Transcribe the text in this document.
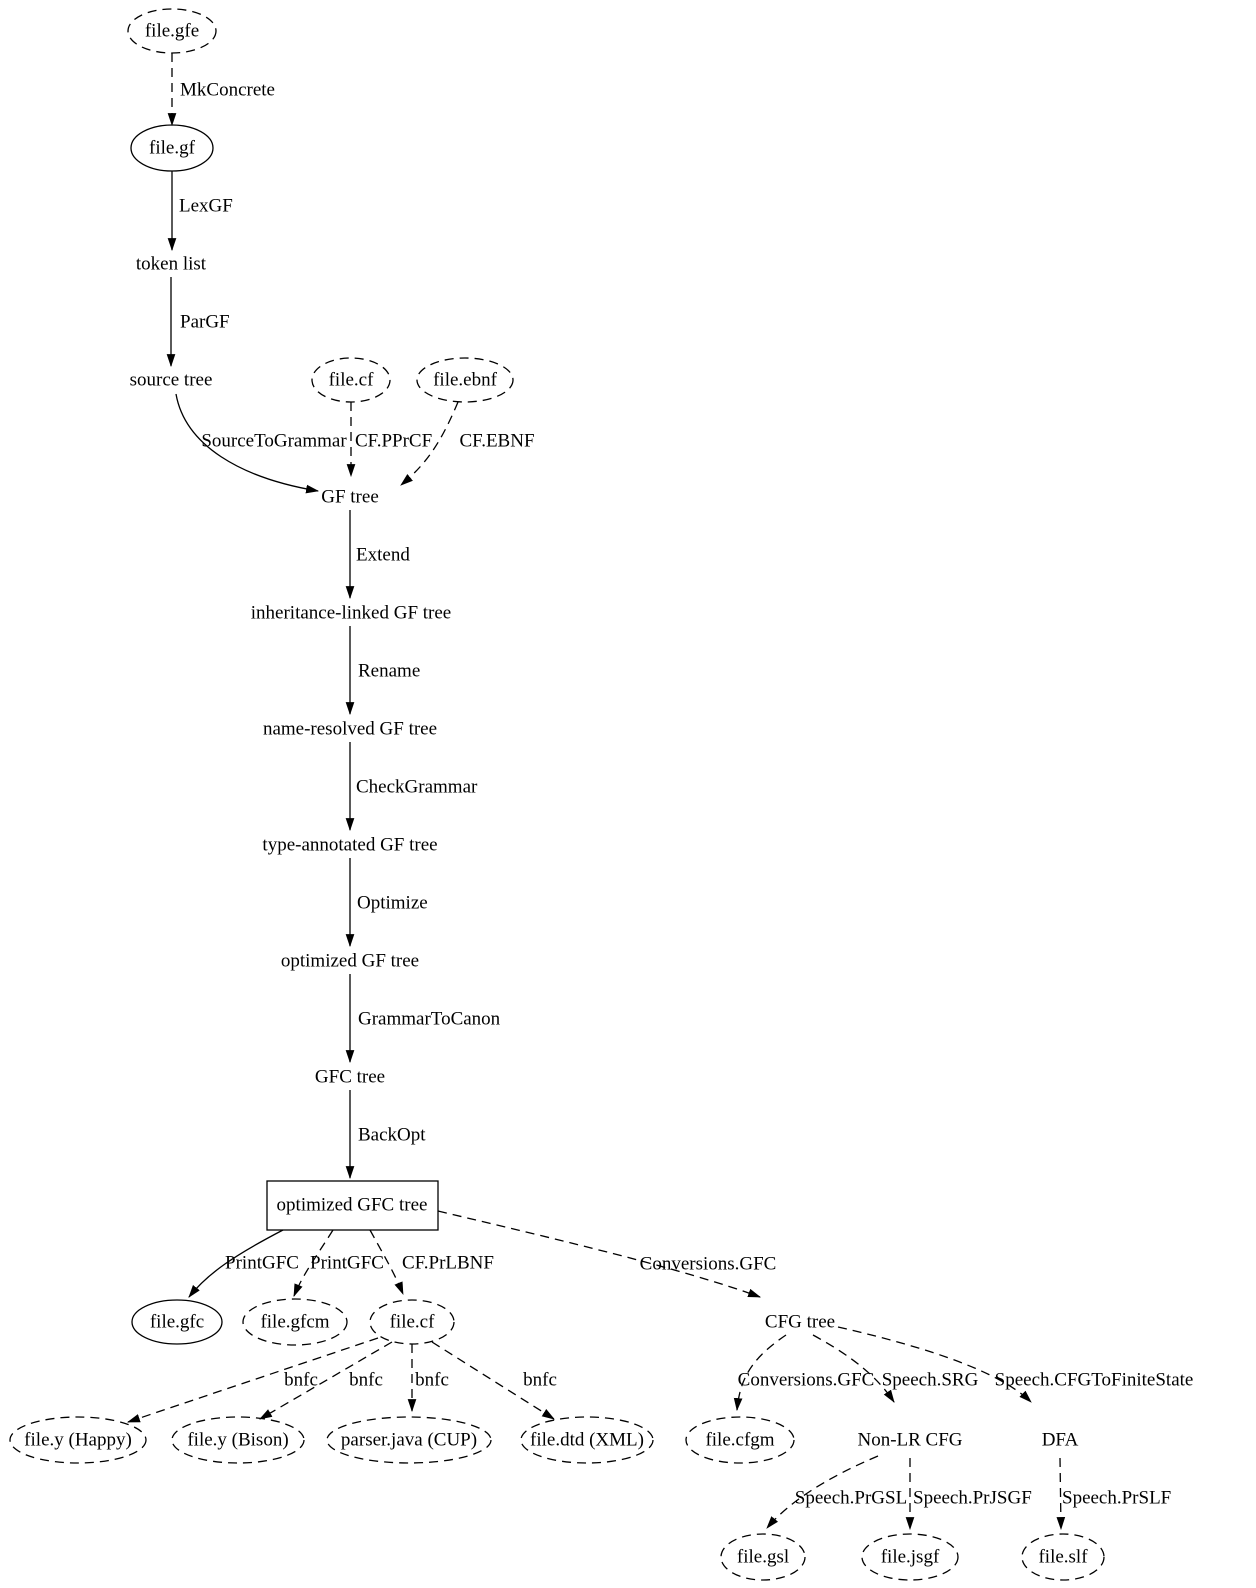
file.gfe
file.gf
token list
source tree	file.cf	file.ebnf
GF tree
inheritance-linked GF tree
name-resolved GF tree
type-annotated GF tree
optimized GF tree
GFC tree
optimized GFC tree
file.gfc	file.gfcm	file.cf	CFG tree
file.y (Happy)	file.y (Bison)	parser.java (CUP)	file.dtd (XML)	file.cfgm	Non-LR CFG	DFA
file.gsl	file.jsgf	file.slf
MkConcrete
LexGF
ParGF
SourceToGrammar CF.PPrCF CF.EBNF
Extend
Rename
CheckGrammar
Optimize
GrammarToCanon
BackOpt
PrintGFC PrintGFC CF.PrLBNF	Conversions.GFC
bnfc bnfc bnfc	bnfc	Conversions.GFC Speech.SRG Speech.CFGToFiniteState
Speech.PrGSL Speech.PrJSGF Speech.PrSLF
